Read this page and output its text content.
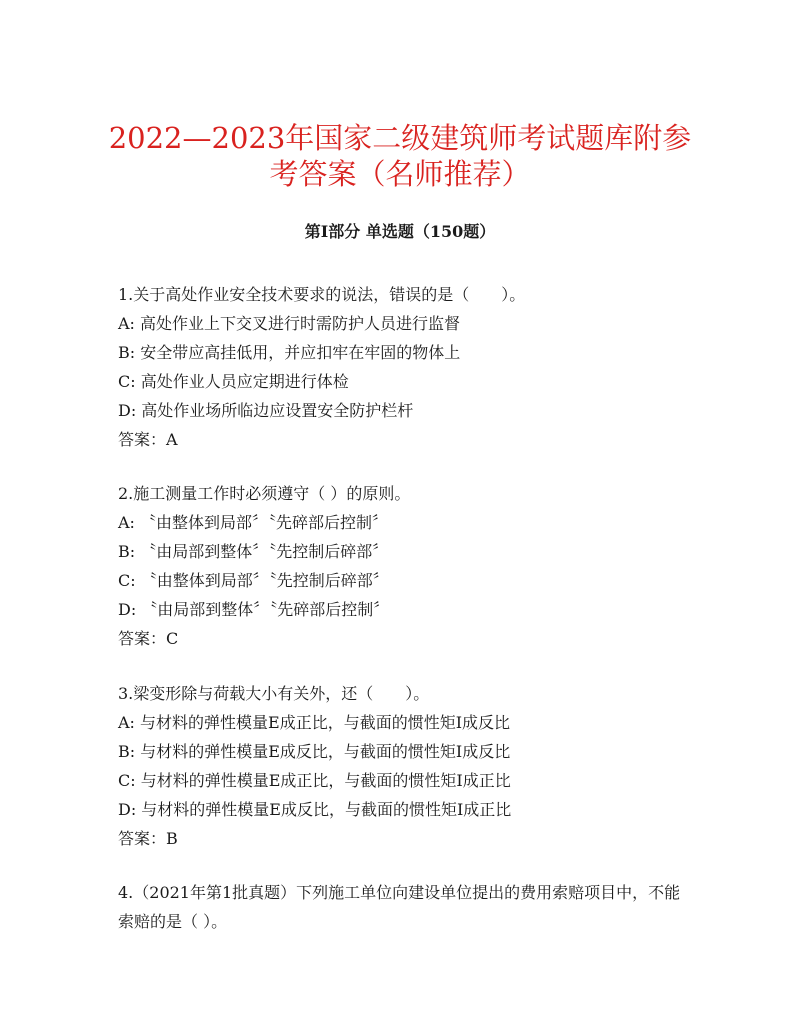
2022—2023年国家二级建筑师考试题库附参考答案（名师推荐）
第Ⅰ部分 单选题（150题）
1.关于高处作业安全技术要求的说法，错误的是（　　）。
A: 高处作业上下交叉进行时需防护人员进行监督
B: 安全带应高挂低用，并应扣牢在牢固的物体上
C: 高处作业人员应定期进行体检
D: 高处作业场所临边应设置安全防护栏杆
答案：A
2.施工测量工作时必须遵守（ ）的原则。
A: 〝由整体到局部〞〝先碎部后控制〞
B: 〝由局部到整体〞〝先控制后碎部〞
C: 〝由整体到局部〞〝先控制后碎部〞
D: 〝由局部到整体〞〝先碎部后控制〞
答案：C
3.梁变形除与荷载大小有关外，还（　　）。
A: 与材料的弹性模量E成正比，与截面的惯性矩I成反比
B: 与材料的弹性模量E成反比，与截面的惯性矩I成反比
C: 与材料的弹性模量E成正比，与截面的惯性矩I成正比
D: 与材料的弹性模量E成反比，与截面的惯性矩I成正比
答案：B
4.（2021年第1批真题）下列施工单位向建设单位提出的费用索赔项目中，不能索赔的是（ ）。
